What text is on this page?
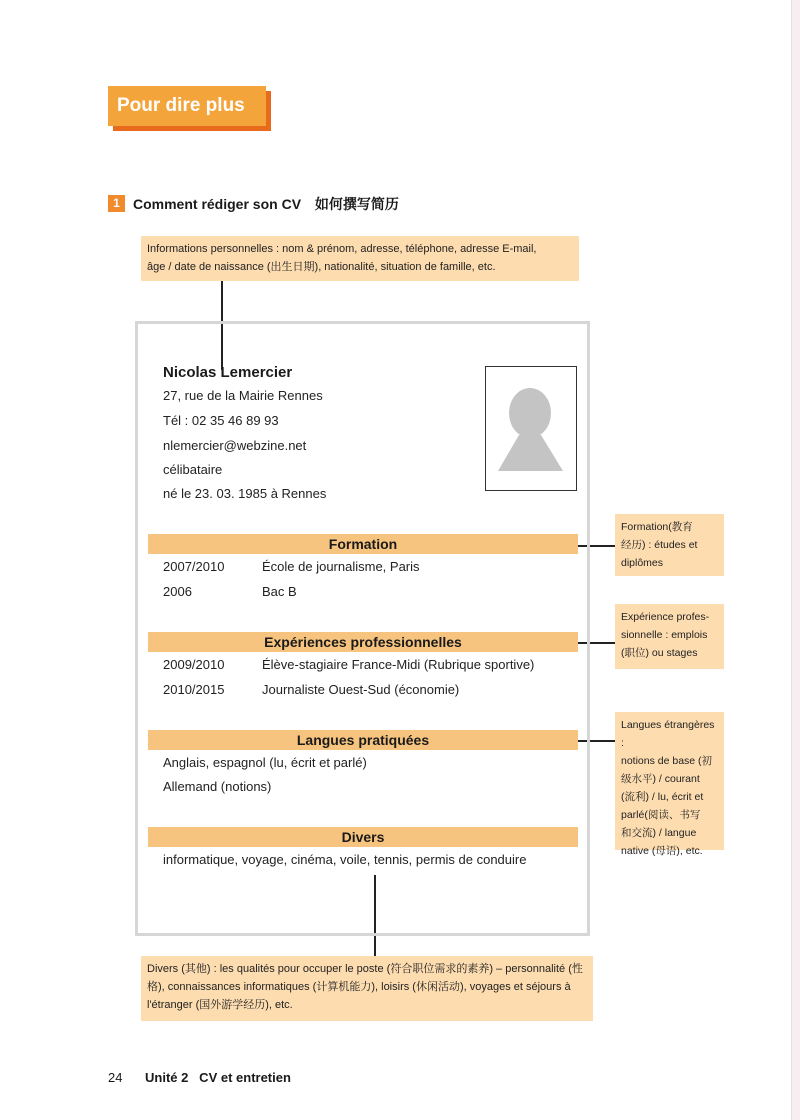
Pour dire plus
1 Comment rédiger son CV 如何撰写简历
Informations personnelles : nom & prénom, adresse, téléphone, adresse E-mail,
âge / date de naissance (出生日期), nationalité, situation de famille, etc.
Nicolas Lemercier
27, rue de la Mairie Rennes
Tél : 02 35 46 89 93
nlemercier@webzine.net
célibataire
né le 23. 03. 1985 à Rennes
Formation
2007/2010	École de journalisme, Paris
2006	Bac B
Expériences professionnelles
2009/2010	Élève-stagiaire France-Midi (Rubrique sportive)
2010/2015	Journaliste Ouest-Sud (économie)
Langues pratiquées
Anglais, espagnol (lu, écrit et parlé)
Allemand (notions)
Divers
informatique, voyage, cinéma, voile, tennis, permis de conduire
Formation(教育
经历) : études et
diplômes
Expérience profes-
sionnelle : emplois
(职位) ou stages
Langues étrangères :
notions de base (初
级水平) / courant
(流利) / lu, écrit et
parlé(阅读、书写
和交流) / langue
native (母语), etc.
Divers (其他) : les qualités pour occuper le poste (符合职位需求的素养) – personnalité (性
格), connaissances informatiques (计算机能力), loisirs (休闲活动), voyages et séjours à
l'étranger (国外游学经历), etc.
24 Unité 2   CV et entretien
